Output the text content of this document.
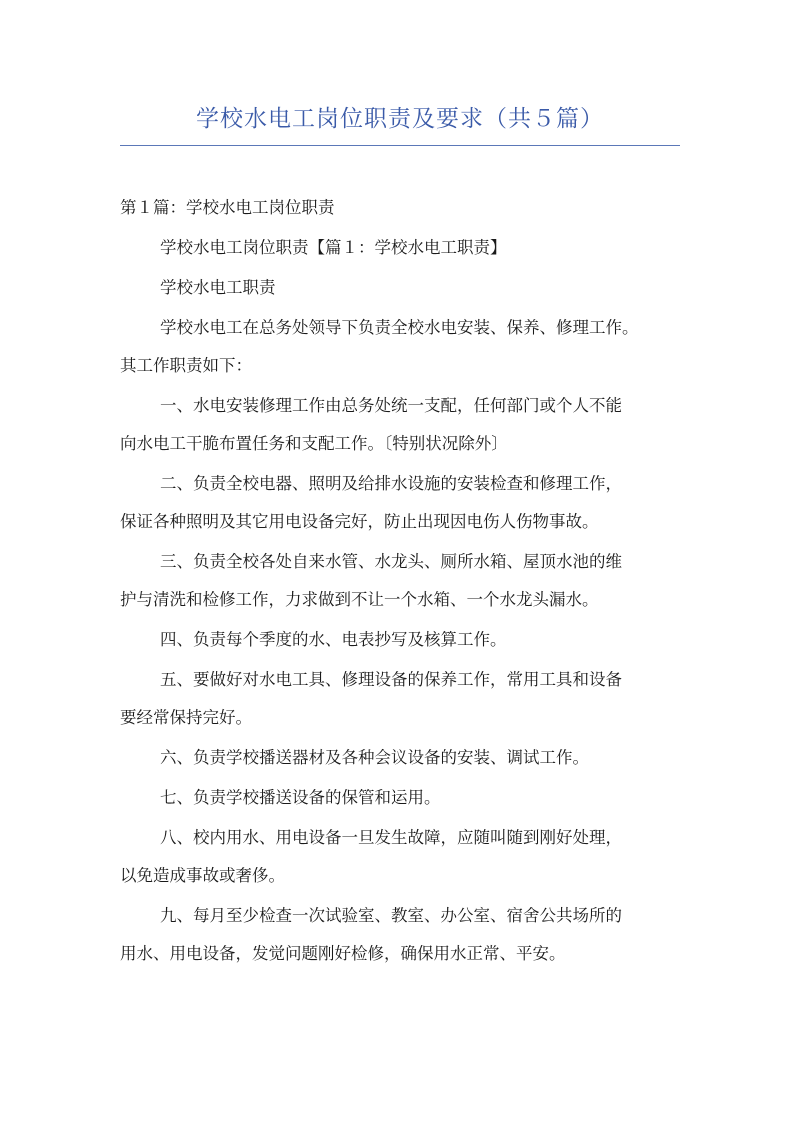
学校水电工岗位职责及要求（共５篇）
第１篇：学校水电工岗位职责
学校水电工岗位职责【篇１：学校水电工职责】
学校水电工职责
学校水电工在总务处领导下负责全校水电安装、保养、修理工作。
其工作职责如下：
一、水电安装修理工作由总务处统一支配，任何部门或个人不能
向水电工干脆布置任务和支配工作。〔特别状况除外〕
二、负责全校电器、照明及给排水设施的安装检查和修理工作，
保证各种照明及其它用电设备完好，防止出现因电伤人伤物事故。
三、负责全校各处自来水管、水龙头、厕所水箱、屋顶水池的维
护与清洗和检修工作，力求做到不让一个水箱、一个水龙头漏水。
四、负责每个季度的水、电表抄写及核算工作。
五、要做好对水电工具、修理设备的保养工作，常用工具和设备
要经常保持完好。
六、负责学校播送器材及各种会议设备的安装、调试工作。
七、负责学校播送设备的保管和运用。
八、校内用水、用电设备一旦发生故障，应随叫随到刚好处理，
以免造成事故或奢侈。
九、每月至少检查一次试验室、教室、办公室、宿舍公共场所的
用水、用电设备，发觉问题刚好检修，确保用水正常、平安。
